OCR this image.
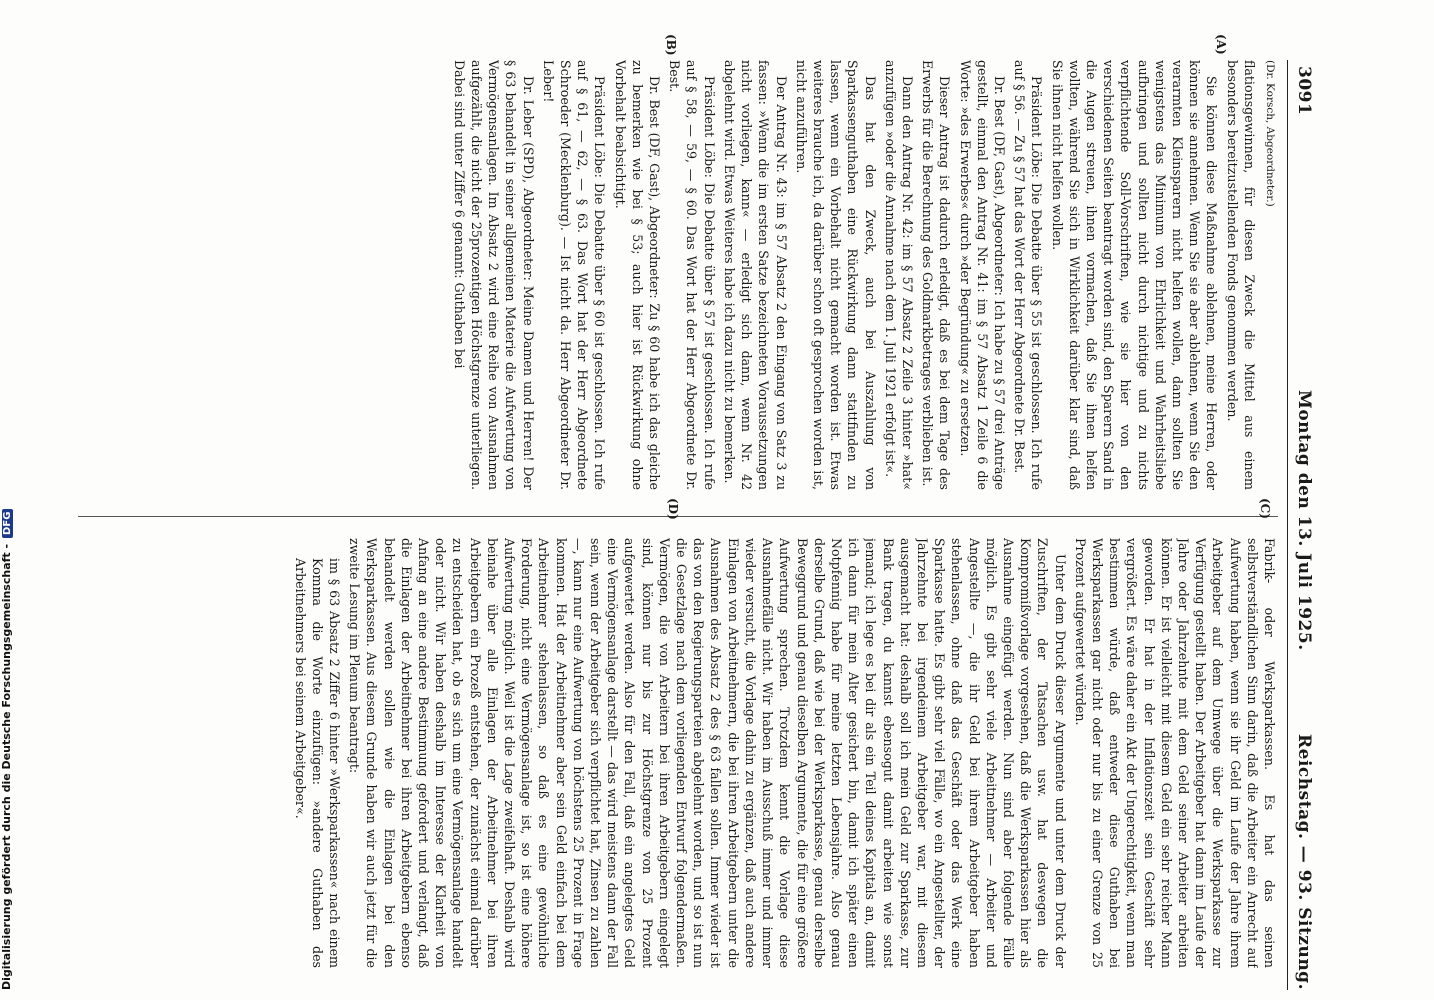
3091
Montag den 13. Juli 1925.
Reichstag. — 93. Sitzung.

(Dr. Korsch, Abgeordneter.)

flationsgewinnen, für diesen Zweck die Mittel aus einem besonders bereitzustellenden Fonds genommen werden.

Sie können diese Maßnahme ablehnen, meine Herren, oder können sie annehmen. Wenn Sie sie aber ablehnen, wenn Sie den verarmten Kleinsparern nicht helfen wollen, dann sollten Sie wenigstens das Minimum von Ehrlichkeit und Wahrheitsliebe aufbringen und sollten nicht durch nichtige und zu nichts verpflichtende Soll-Vorschriften, wie sie hier von den verschiedenen Seiten beantragt worden sind, den Sparern Sand in die Augen streuen, ihnen vormachen, daß Sie ihnen helfen wollten, während Sie sich in Wirklichkeit darüber klar sind, daß Sie ihnen nicht helfen wollen.

Präsident Löbe: Die Debatte über § 55 ist geschlossen. Ich rufe auf § 56. — Zu § 57 hat das Wort der Herr Abgeordnete Dr. Best.

Dr. Best (DF, Gast), Abgeordneter: Ich habe zu § 57 drei Anträge gestellt, einmal den Antrag Nr. 41: im § 57 Absatz 1 Zeile 6 die Worte: »des Erwerbes« durch »der Begründung« zu ersetzen.

Dieser Antrag ist dadurch erledigt, daß es bei dem Tage des Erwerbs für die Berechnung des Goldmarkbetrages verblieben ist.

Dann den Antrag Nr. 42: im § 57 Absatz 2 Zeile 3 hinter »hat« anzufügen »oder die Annahme nach dem 1. Juli 1921 erfolgt ist«.

Das hat den Zweck, auch bei Auszahlung von Sparkassenguthaben eine Rückwirkung dann stattfinden zu lassen, wenn ein Vorbehalt nicht gemacht worden ist. Etwas weiteres brauche ich, da darüber schon oft gesprochen worden ist, nicht anzuführen.

Der Antrag Nr. 43: im § 57 Absatz 2 den Eingang von Satz 3 zu fassen: »Wenn die im ersten Satze bezeichneten Voraussetzungen nicht vorliegen, kann« — erledigt sich dann, wenn Nr. 42 abgelehnt wird. Etwas Weiteres habe ich dazu nicht zu bemerken.

Präsident Löbe: Die Debatte über § 57 ist geschlossen. Ich rufe auf § 58, — 59, — § 60. Das Wort hat der Herr Abgeordnete Dr. Best.

Dr. Best (DF, Gast), Abgeordneter: Zu § 60 habe ich das gleiche zu bemerken wie bei § 53; auch hier ist Rückwirkung ohne Vorbehalt beabsichtigt.

Präsident Löbe: Die Debatte über § 60 ist geschlossen. Ich rufe auf § 61, — 62, — § 63. Das Wort hat der Herr Abgeordnete Schroeder (Mecklenburg). — Ist nicht da. Herr Abgeordneter Dr. Leber!

Dr. Leber (SPD), Abgeordneter: Meine Damen und Herren! Der § 63 behandelt in seiner allgemeinen Materie die Aufwertung von Vermögensanlagen. Im Absatz 2 wird eine Reihe von Ausnahmen aufgezählt, die nicht der 25prozentigen Höchstgrenze unterliegen. Dabei sind unter Ziffer 6 genannt: Guthaben bei

Fabrik- oder Werksparkassen. Es hat das seinen selbstverständlichen Sinn darin, daß die Arbeiter ein Anrecht auf Aufwertung haben, wenn sie ihr Geld im Laufe der Jahre ihrem Arbeitgeber auf dem Umwege über die Werksparkasse zur Verfügung gestellt haben. Der Arbeitgeber hat dann im Laufe der Jahre oder Jahrzehnte mit dem Geld seiner Arbeiter arbeiten können. Er ist vielleicht mit diesem Geld ein sehr reicher Mann geworden. Er hat in der Inflationszeit sein Geschäft sehr vergrößert. Es wäre daher ein Akt der Ungerechtigkeit, wenn man bestimmen würde, daß entweder diese Guthaben bei Werksparkassen gar nicht oder nur bis zu einer Grenze von 25 Prozent aufgewertet würden.

Unter dem Druck dieser Argumente und unter dem Druck der Zuschriften, der Tatsachen usw. hat deswegen die Kompromißvorlage vorgesehen, daß die Werksparkassen hier als Ausnahme eingefügt werden. Nun sind aber folgende Fälle möglich. Es gibt sehr viele Arbeitnehmer — Arbeiter und Angestellte —, die ihr Geld bei ihrem Arbeitgeber haben stehenlassen, ohne daß das Geschäft oder das Werk eine Sparkasse hatte. Es gibt sehr viel Fälle, wo ein Angestellter, der Jahrzehnte bei irgendeinem Arbeitgeber war, mit diesem ausgemacht hat: deshalb soll ich mein Geld zur Sparkasse, zur Bank tragen, du kannst ebensogut damit arbeiten wie sonst jemand; ich lege es bei dir als ein Teil deines Kapitals an, damit ich dann für mein Alter gesichert bin, damit ich später einen Notpfennig habe für meine letzten Lebensjahre. Also genau derselbe Grund, daß wie bei der Werksparkasse, genau derselbe Beweggrund und genau dieselben Argumente, die für eine größere Aufwertung sprechen. Trotzdem kennt die Vorlage diese Ausnahmefälle nicht. Wir haben im Ausschuß immer und immer wieder versucht, die Vorlage dahin zu ergänzen, daß auch andere Einlagen von Arbeitnehmern, die bei ihren Arbeitgebern unter die Ausnahmen des Absatz 2 des § 63 fallen sollen. Immer wieder ist das von den Regierungsparteien abgelehnt worden, und so ist nun die Gesetzlage nach dem vorliegenden Entwurf folgendermaßen. Vermögen, die von Arbeitern bei ihren Arbeitgebern eingelegt sind, können nur bis zur Höchstgrenze von 25 Prozent aufgewertet werden. Also für den Fall, daß ein angelegtes Geld eine Vermögensanlage darstellt — das wird meistens dann der Fall sein, wenn der Arbeitgeber sich verpflichtet hat, Zinsen zu zahlen —, kann nur eine Aufwertung von höchstens 25 Prozent in Frage kommen. Hat der Arbeitnehmer aber sein Geld einfach bei dem Arbeitnehmer stehenlassen, so daß es eine gewöhnliche Forderung, nicht eine Vermögensanlage ist, so ist eine höhere Aufwertung möglich. Weil ist die Lage zweifelhaft. Deshalb wird beinahe über alle Einlagen der Arbeitnehmer bei ihren Arbeitgebern ein Prozeß entstehen, der zunächst einmal darüber zu entscheiden hat, ob es sich um eine Vermögensanlage handelt oder nicht. Wir haben deshalb im Interesse der Klarheit von Anfang an eine andere Bestimmung gefordert und verlangt, daß die Einlagen der Arbeitnehmer bei ihren Arbeitgebern ebenso behandelt werden sollen wie die Einlagen bei den Werksparkassen. Aus diesem Grunde haben wir auch jetzt für die zweite Lesung im Plenum beantragt:

im § 63 Absatz 2 Ziffer 6 hinter »Werksparkassen« nach einem Komma die Worte einzufügen: »andere Guthaben des Arbeitnehmers bei seinem Arbeitgeber«.

(A)
(B)
(C)
(D)
Digitalisierung gefördert durch die Deutsche Forschungsgemeinschaft -DFG
